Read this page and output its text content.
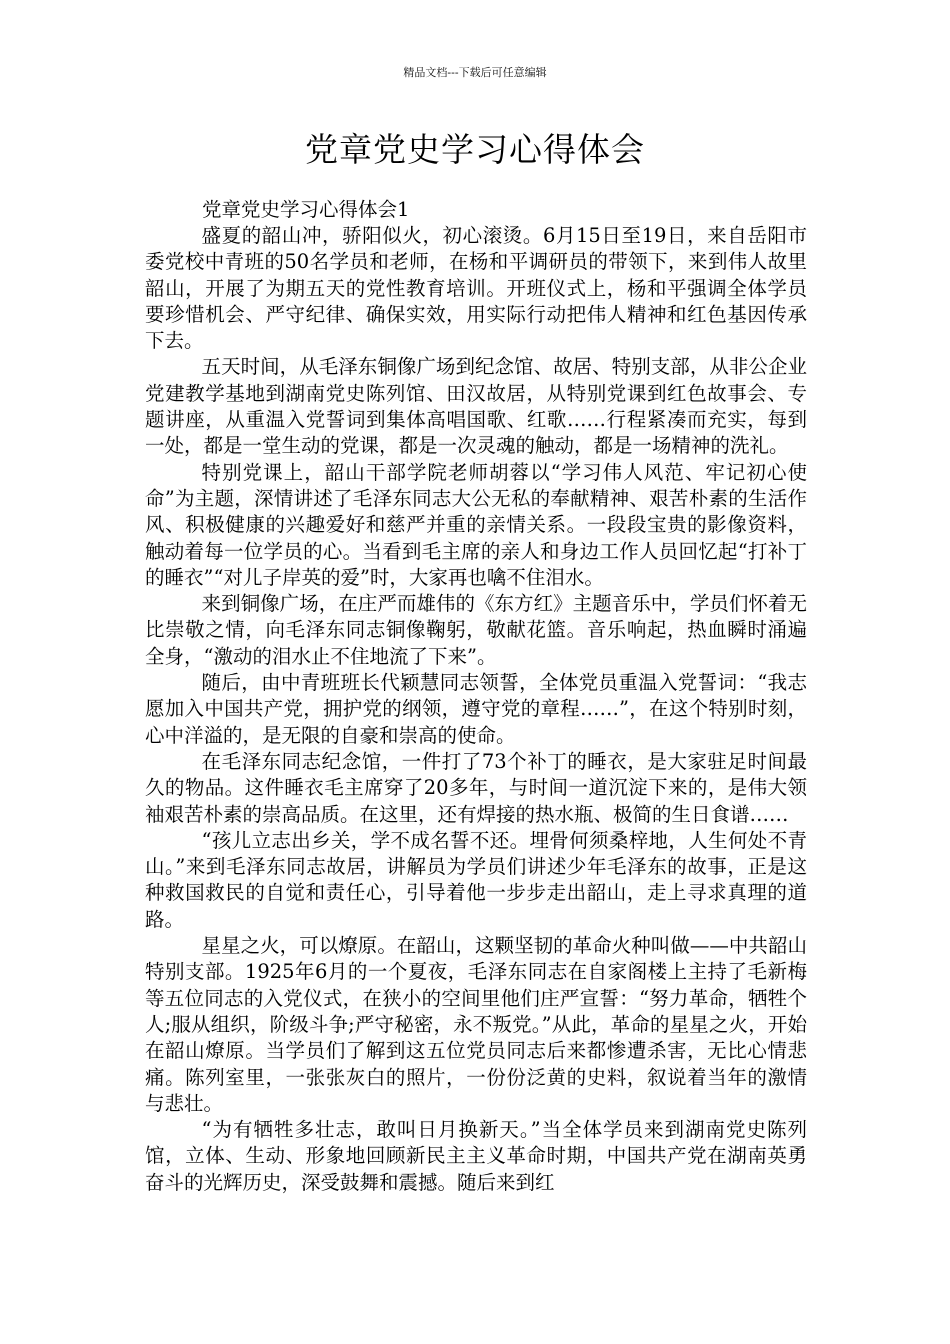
精品文档---下载后可任意编辑
党章党史学习心得体会

党章党史学习心得体会1

盛夏的韶山冲，骄阳似火，初心滚烫。6月15日至19日，来自岳阳市委党校中青班的50名学员和老师，在杨和平调研员的带领下，来到伟人故里韶山，开展了为期五天的党性教育培训。开班仪式上，杨和平强调全体学员要珍惜机会、严守纪律、确保实效，用实际行动把伟人精神和红色基因传承下去。

五天时间，从毛泽东铜像广场到纪念馆、故居、特别支部，从非公企业党建教学基地到湖南党史陈列馆、田汉故居，从特别党课到红色故事会、专题讲座，从重温入党誓词到集体高唱国歌、红歌……行程紧凑而充实，每到一处，都是一堂生动的党课，都是一次灵魂的触动，都是一场精神的洗礼。

特别党课上，韶山干部学院老师胡蓉以“学习伟人风范、牢记初心使命”为主题，深情讲述了毛泽东同志大公无私的奉献精神、艰苦朴素的生活作风、积极健康的兴趣爱好和慈严并重的亲情关系。一段段宝贵的影像资料，触动着每一位学员的心。当看到毛主席的亲人和身边工作人员回忆起“打补丁的睡衣”“对儿子岸英的爱”时，大家再也噙不住泪水。

来到铜像广场，在庄严而雄伟的《东方红》主题音乐中，学员们怀着无比崇敬之情，向毛泽东同志铜像鞠躬，敬献花篮。音乐响起，热血瞬时涌遍全身，“激动的泪水止不住地流了下来”。

随后，由中青班班长代颖慧同志领誓，全体党员重温入党誓词：“我志愿加入中国共产党，拥护党的纲领，遵守党的章程……”，在这个特别时刻，心中洋溢的，是无限的自豪和崇高的使命。

在毛泽东同志纪念馆，一件打了73个补丁的睡衣，是大家驻足时间最久的物品。这件睡衣毛主席穿了20多年，与时间一道沉淀下来的，是伟大领袖艰苦朴素的崇高品质。在这里，还有焊接的热水瓶、极简的生日食谱……

“孩儿立志出乡关，学不成名誓不还。埋骨何须桑梓地，人生何处不青山。”来到毛泽东同志故居，讲解员为学员们讲述少年毛泽东的故事，正是这种救国救民的自觉和责任心，引导着他一步步走出韶山，走上寻求真理的道路。

星星之火，可以燎原。在韶山，这颗坚韧的革命火种叫做——中共韶山特别支部。1925年6月的一个夏夜，毛泽东同志在自家阁楼上主持了毛新梅等五位同志的入党仪式，在狭小的空间里他们庄严宣誓：“努力革命，牺牲个人;服从组织，阶级斗争;严守秘密，永不叛党。”从此，革命的星星之火，开始在韶山燎原。当学员们了解到这五位党员同志后来都惨遭杀害，无比心情悲痛。陈列室里，一张张灰白的照片，一份份泛黄的史料，叙说着当年的激情与悲壮。

“为有牺牲多壮志，敢叫日月换新天。”当全体学员来到湖南党史陈列馆，立体、生动、形象地回顾新民主主义革命时期，中国共产党在湖南英勇奋斗的光辉历史，深受鼓舞和震撼。随后来到红
